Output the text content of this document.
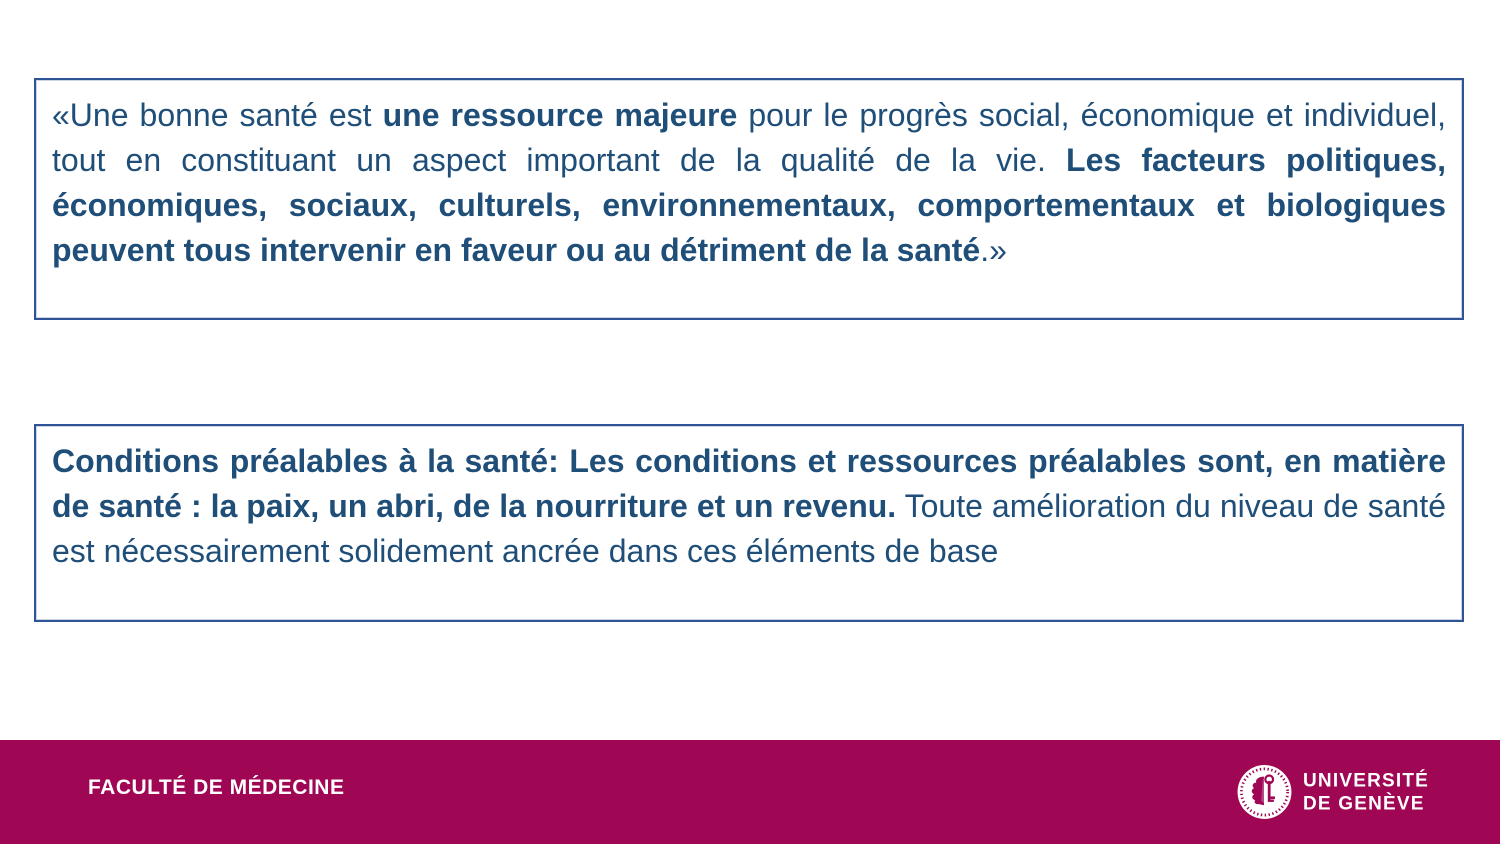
«Une bonne santé est une ressource majeure pour le progrès social, économique et individuel, tout en constituant un aspect important de la qualité de la vie. Les facteurs politiques, économiques, sociaux, culturels, environnementaux, comportementaux et biologiques peuvent tous intervenir en faveur ou au détriment de la santé.»
Conditions préalables à la santé: Les conditions et ressources préalables sont, en matière de santé : la paix, un abri, de la nourriture et un revenu. Toute amélioration du niveau de santé est nécessairement solidement ancrée dans ces éléments de base
FACULTÉ DE MÉDECINE	UNIVERSITÉ
DE GENÈVE
